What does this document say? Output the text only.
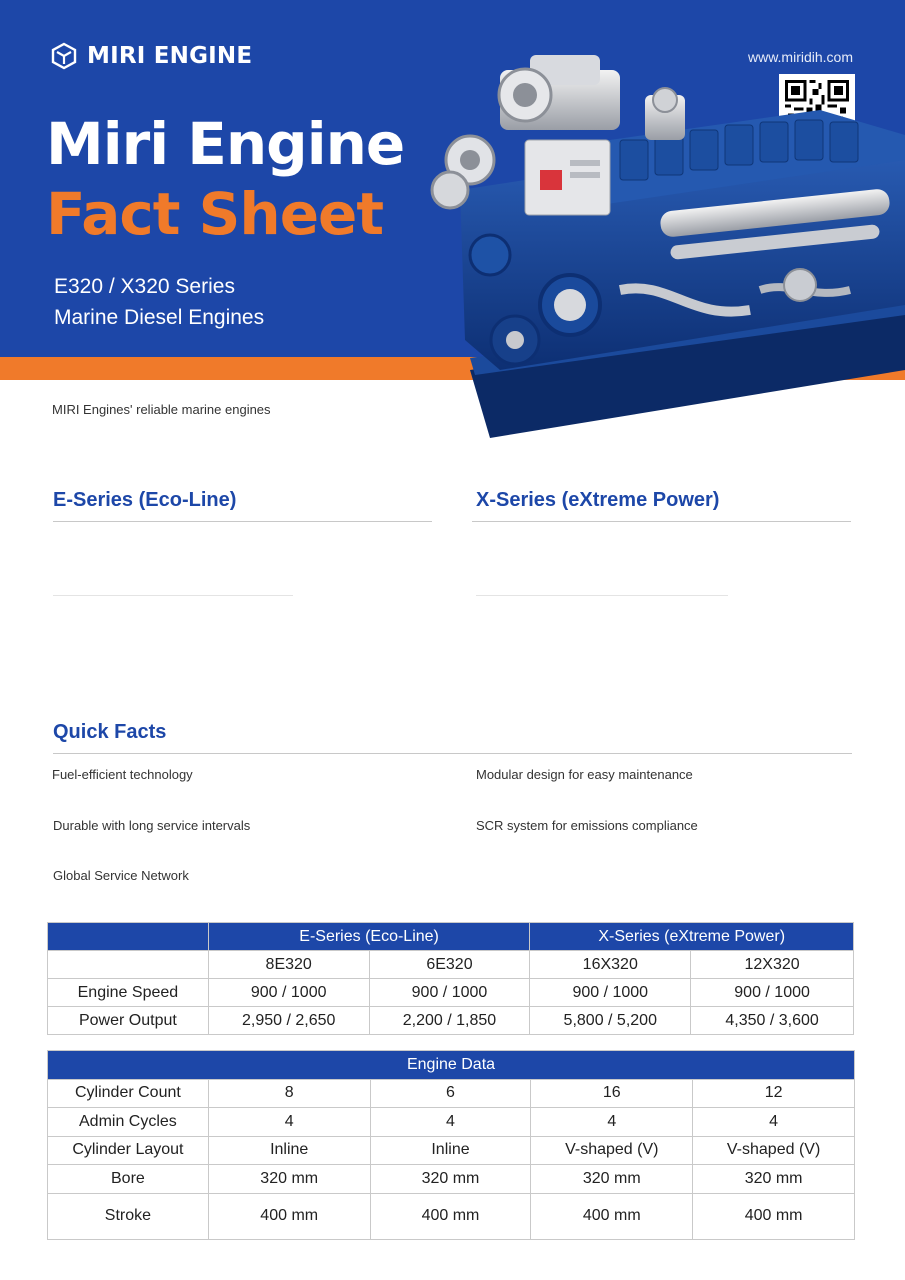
MIRI ENGINE	www.miridih.com
Miri Engine
Fact Sheet
E320 / X320 Series
Marine Diesel Engines
MIRI Engines' reliable marine engines
E-Series (Eco-Line)	X-Series (eXtreme Power)
Quick Facts
Fuel-efficient technology	Modular design for easy maintenance
Durable with long service intervals	SCR system for emissions compliance
Global Service Network
	E-Series (Eco-Line)		X-Series (eXtreme Power)	
	8E320	6E320	16X320	12X320
Engine Speed	900 / 1000	900 / 1000	900 / 1000	900 / 1000
Power Output	2,950 / 2,650	2,200 / 1,850	5,800 / 5,200	4,350 / 3,600
Engine Data				
Cylinder Count	8	6	16	12
Admin Cycles	4	4	4	4
Cylinder Layout	Inline	Inline	V-shaped (V)	V-shaped (V)
Bore	320 mm	320 mm	320 mm	320 mm
Stroke	400 mm	400 mm	400 mm	400 mm
